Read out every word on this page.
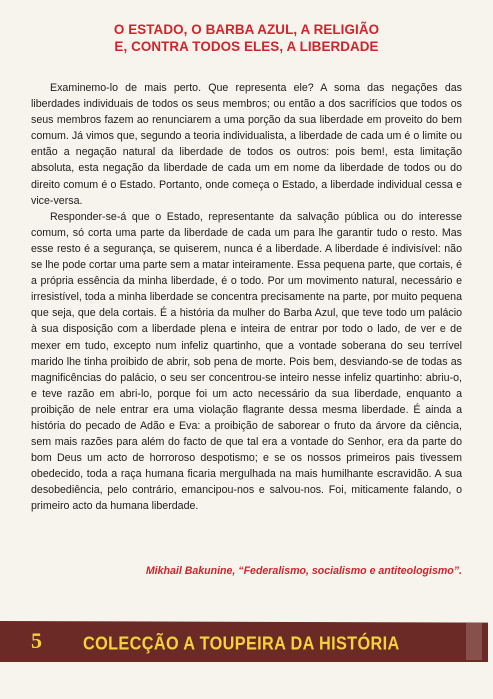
O ESTADO, O BARBA AZUL, A RELIGIÃO
E, CONTRA TODOS ELES, A LIBERDADE

Examinemo-lo de mais perto. Que representa ele? A soma das negações das liberdades individuais de todos os seus membros; ou então a dos sacrifícios que todos os seus membros fazem ao renunciarem a uma porção da sua liberdade em proveito do bem comum. Já vimos que, segundo a teoria individualista, a liberdade de cada um é o limite ou então a negação natural da liberdade de todos os outros: pois bem!, esta limitação absoluta, esta negação da liberdade de cada um em nome da liberdade de todos ou do direito comum é o Estado. Portanto, onde começa o Estado, a liberdade individual cessa e vice-versa.

Responder-se-á que o Estado, representante da salvação pública ou do interesse comum, só corta uma parte da liberdade de cada um para lhe garantir tudo o resto. Mas esse resto é a segurança, se quiserem, nunca é a liberdade. A liberdade é indivisível: não se lhe pode cortar uma parte sem a matar inteiramente. Essa pequena parte, que cortais, é a própria essência da minha liberdade, é o todo. Por um movimento natural, necessário e irresistível, toda a minha liberdade se concentra precisamente na parte, por muito pequena que seja, que dela cortais. É a história da mulher do Barba Azul, que teve todo um palácio à sua disposição com a liberdade plena e inteira de entrar por todo o lado, de ver e de mexer em tudo, excepto num infeliz quartinho, que a vontade soberana do seu terrível marido lhe tinha proibido de abrir, sob pena de morte. Pois bem, desviando-se de todas as magnificências do palácio, o seu ser concentrou-se inteiro nesse infeliz quartinho: abriu-o, e teve razão em abri-lo, porque foi um acto necessário da sua liberdade, enquanto a proibição de nele entrar era uma violação flagrante dessa mesma liberdade. É ainda a história do pecado de Adão e Eva: a proibição de saborear o fruto da árvore da ciência, sem mais razões para além do facto de que tal era a vontade do Senhor, era da parte do bom Deus um acto de horroroso despotismo; e se os nossos primeiros pais tivessem obedecido, toda a raça humana ficaria mergulhada na mais humilhante escravidão. A sua desobediência, pelo contrário, emancipou-nos e salvou-nos. Foi, miticamente falando, o primeiro acto da humana liberdade.

Mikhail Bakunine, “Federalismo, socialismo e antiteologismo”.
5	COLECÇÃO A TOUPEIRA DA HISTÓRIA
